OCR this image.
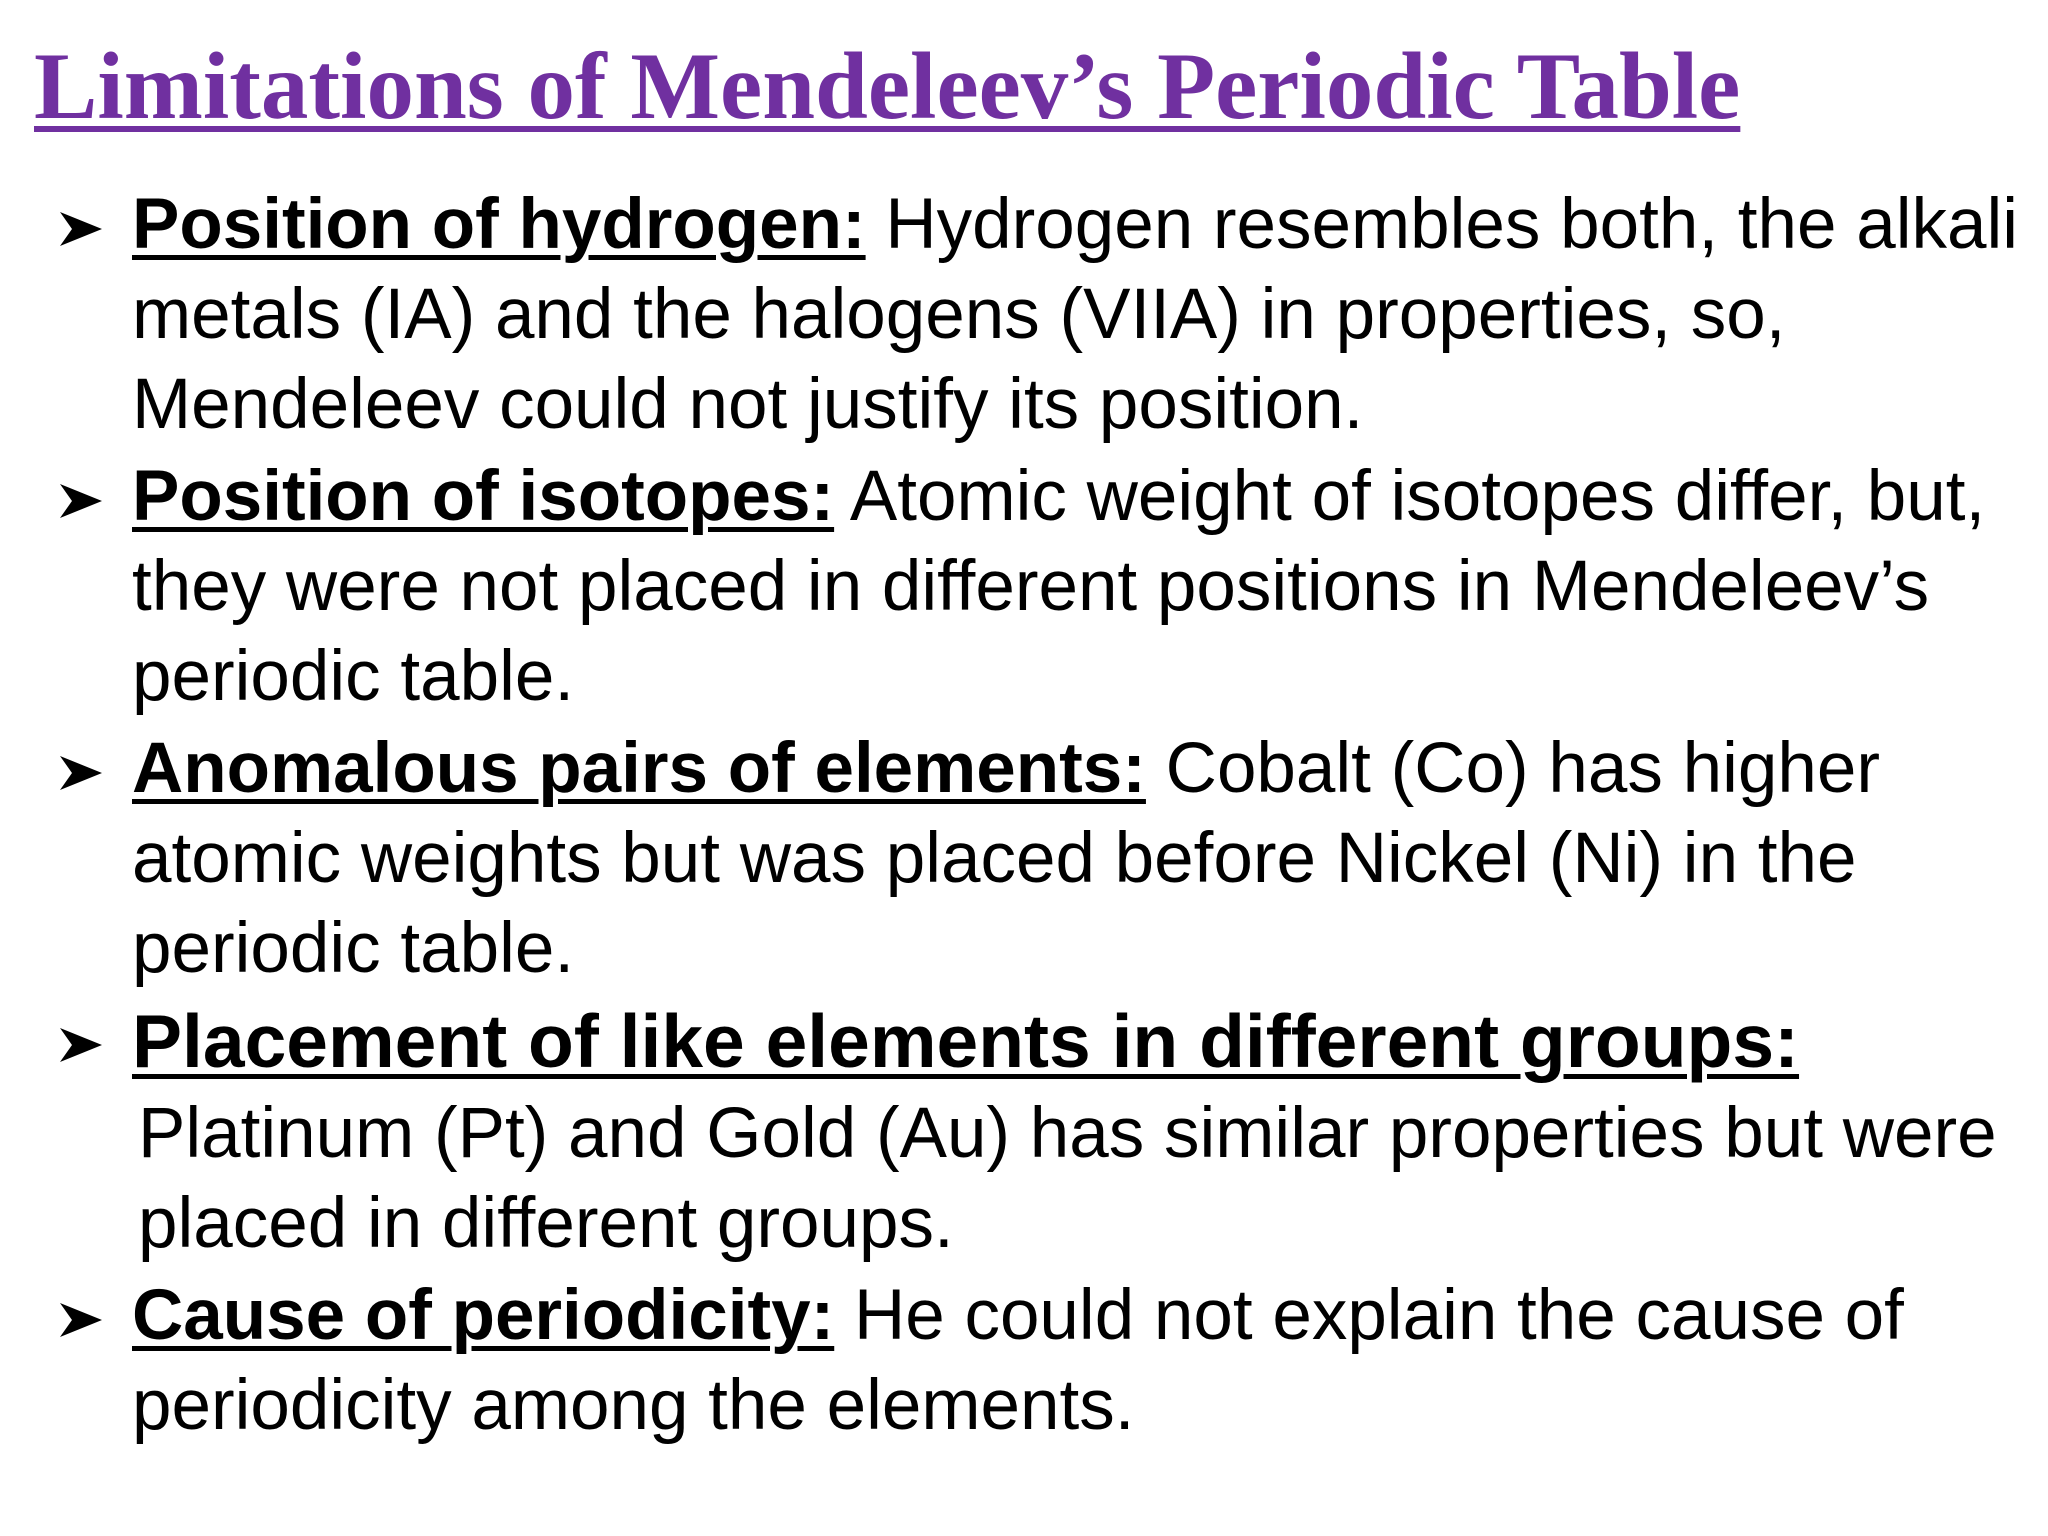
Limitations of Mendeleev’s Periodic Table
Position of hydrogen: Hydrogen resembles both, the alkali metals (IA) and the halogens (VIIA) in properties, so, Mendeleev could not justify its position.
Position of isotopes: Atomic weight of isotopes differ, but, they were not placed in different positions in Mendeleev’s periodic table.
Anomalous pairs of elements: Cobalt (Co) has higher atomic weights but was placed before Nickel (Ni) in the periodic table.
Placement of like elements in different groups:
Platinum (Pt) and Gold (Au) has similar properties but were placed in different groups.
Cause of periodicity: He could not explain the cause of periodicity among the elements.
